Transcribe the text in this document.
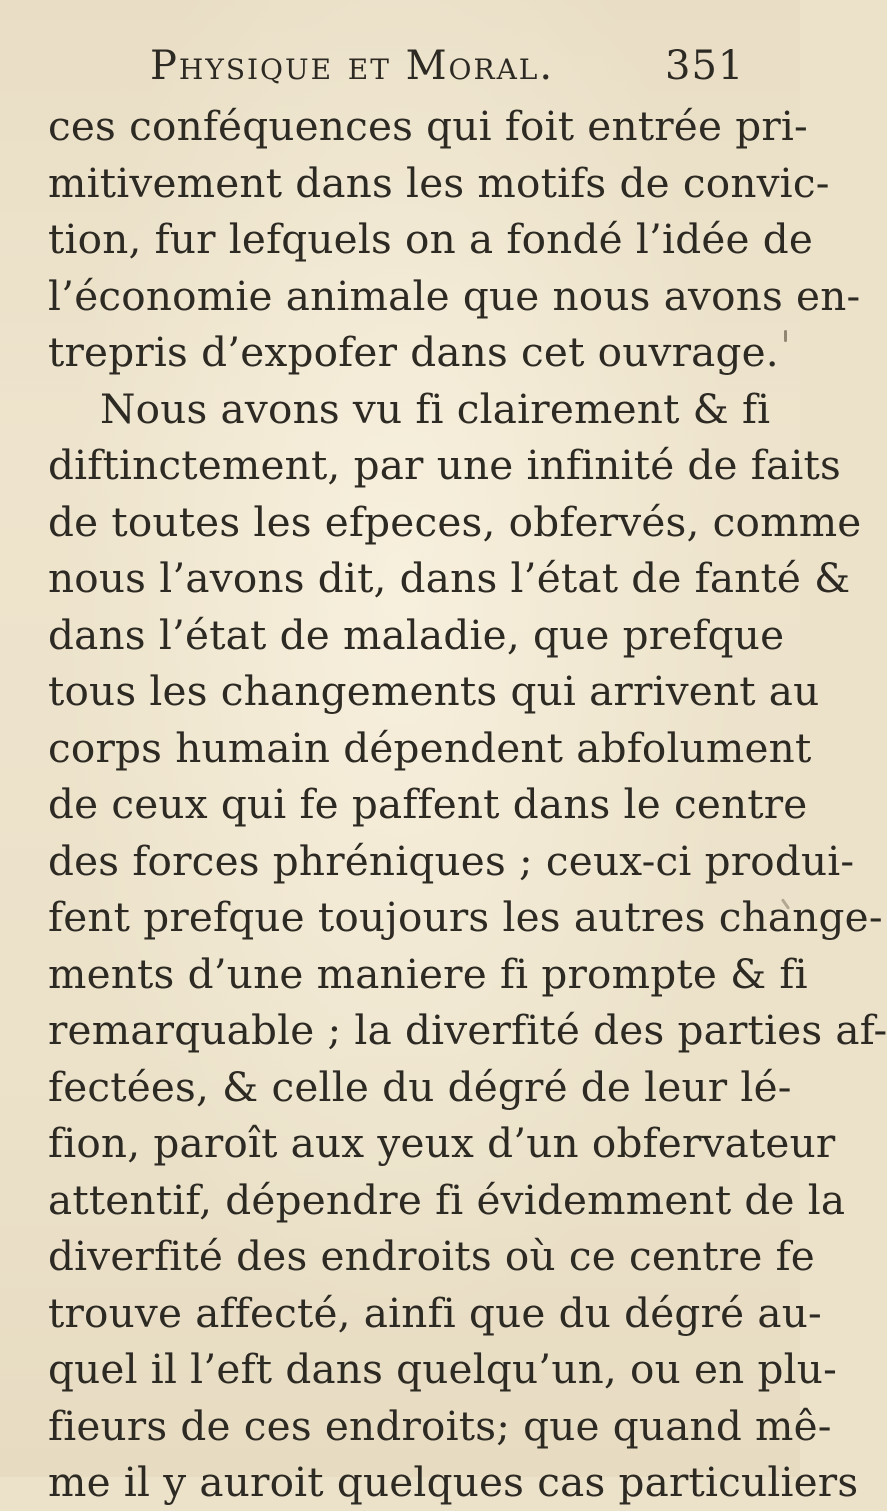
Physique et Moral.	351
ces conféquences qui foit entrée pri-
mitivement dans les motifs de convic-
tion, fur lefquels on a fondé l’idée de
l’économie animale que nous avons en-
trepris d’expofer dans cet ouvrage.
Nous avons vu fi clairement & fi
diftinctement, par une infinité de faits
de toutes les efpeces, obfervés, comme
nous l’avons dit, dans l’état de fanté &
dans l’état de maladie, que prefque
tous les changements qui arrivent au
corps humain dépendent abfolument
de ceux qui fe paffent dans le centre
des forces phréniques ; ceux-ci produi-
fent prefque toujours les autres change-
ments d’une maniere fi prompte & fi
remarquable ; la diverfité des parties af-
fectées, & celle du dégré de leur lé-
fion, paroît aux yeux d’un obfervateur
attentif, dépendre fi évidemment de la
diverfité des endroits où ce centre fe
trouve affecté, ainfi que du dégré au-
quel il l’eft dans quelqu’un, ou en plu-
fieurs de ces endroits; que quand mê-
me il y auroit quelques cas particuliers
